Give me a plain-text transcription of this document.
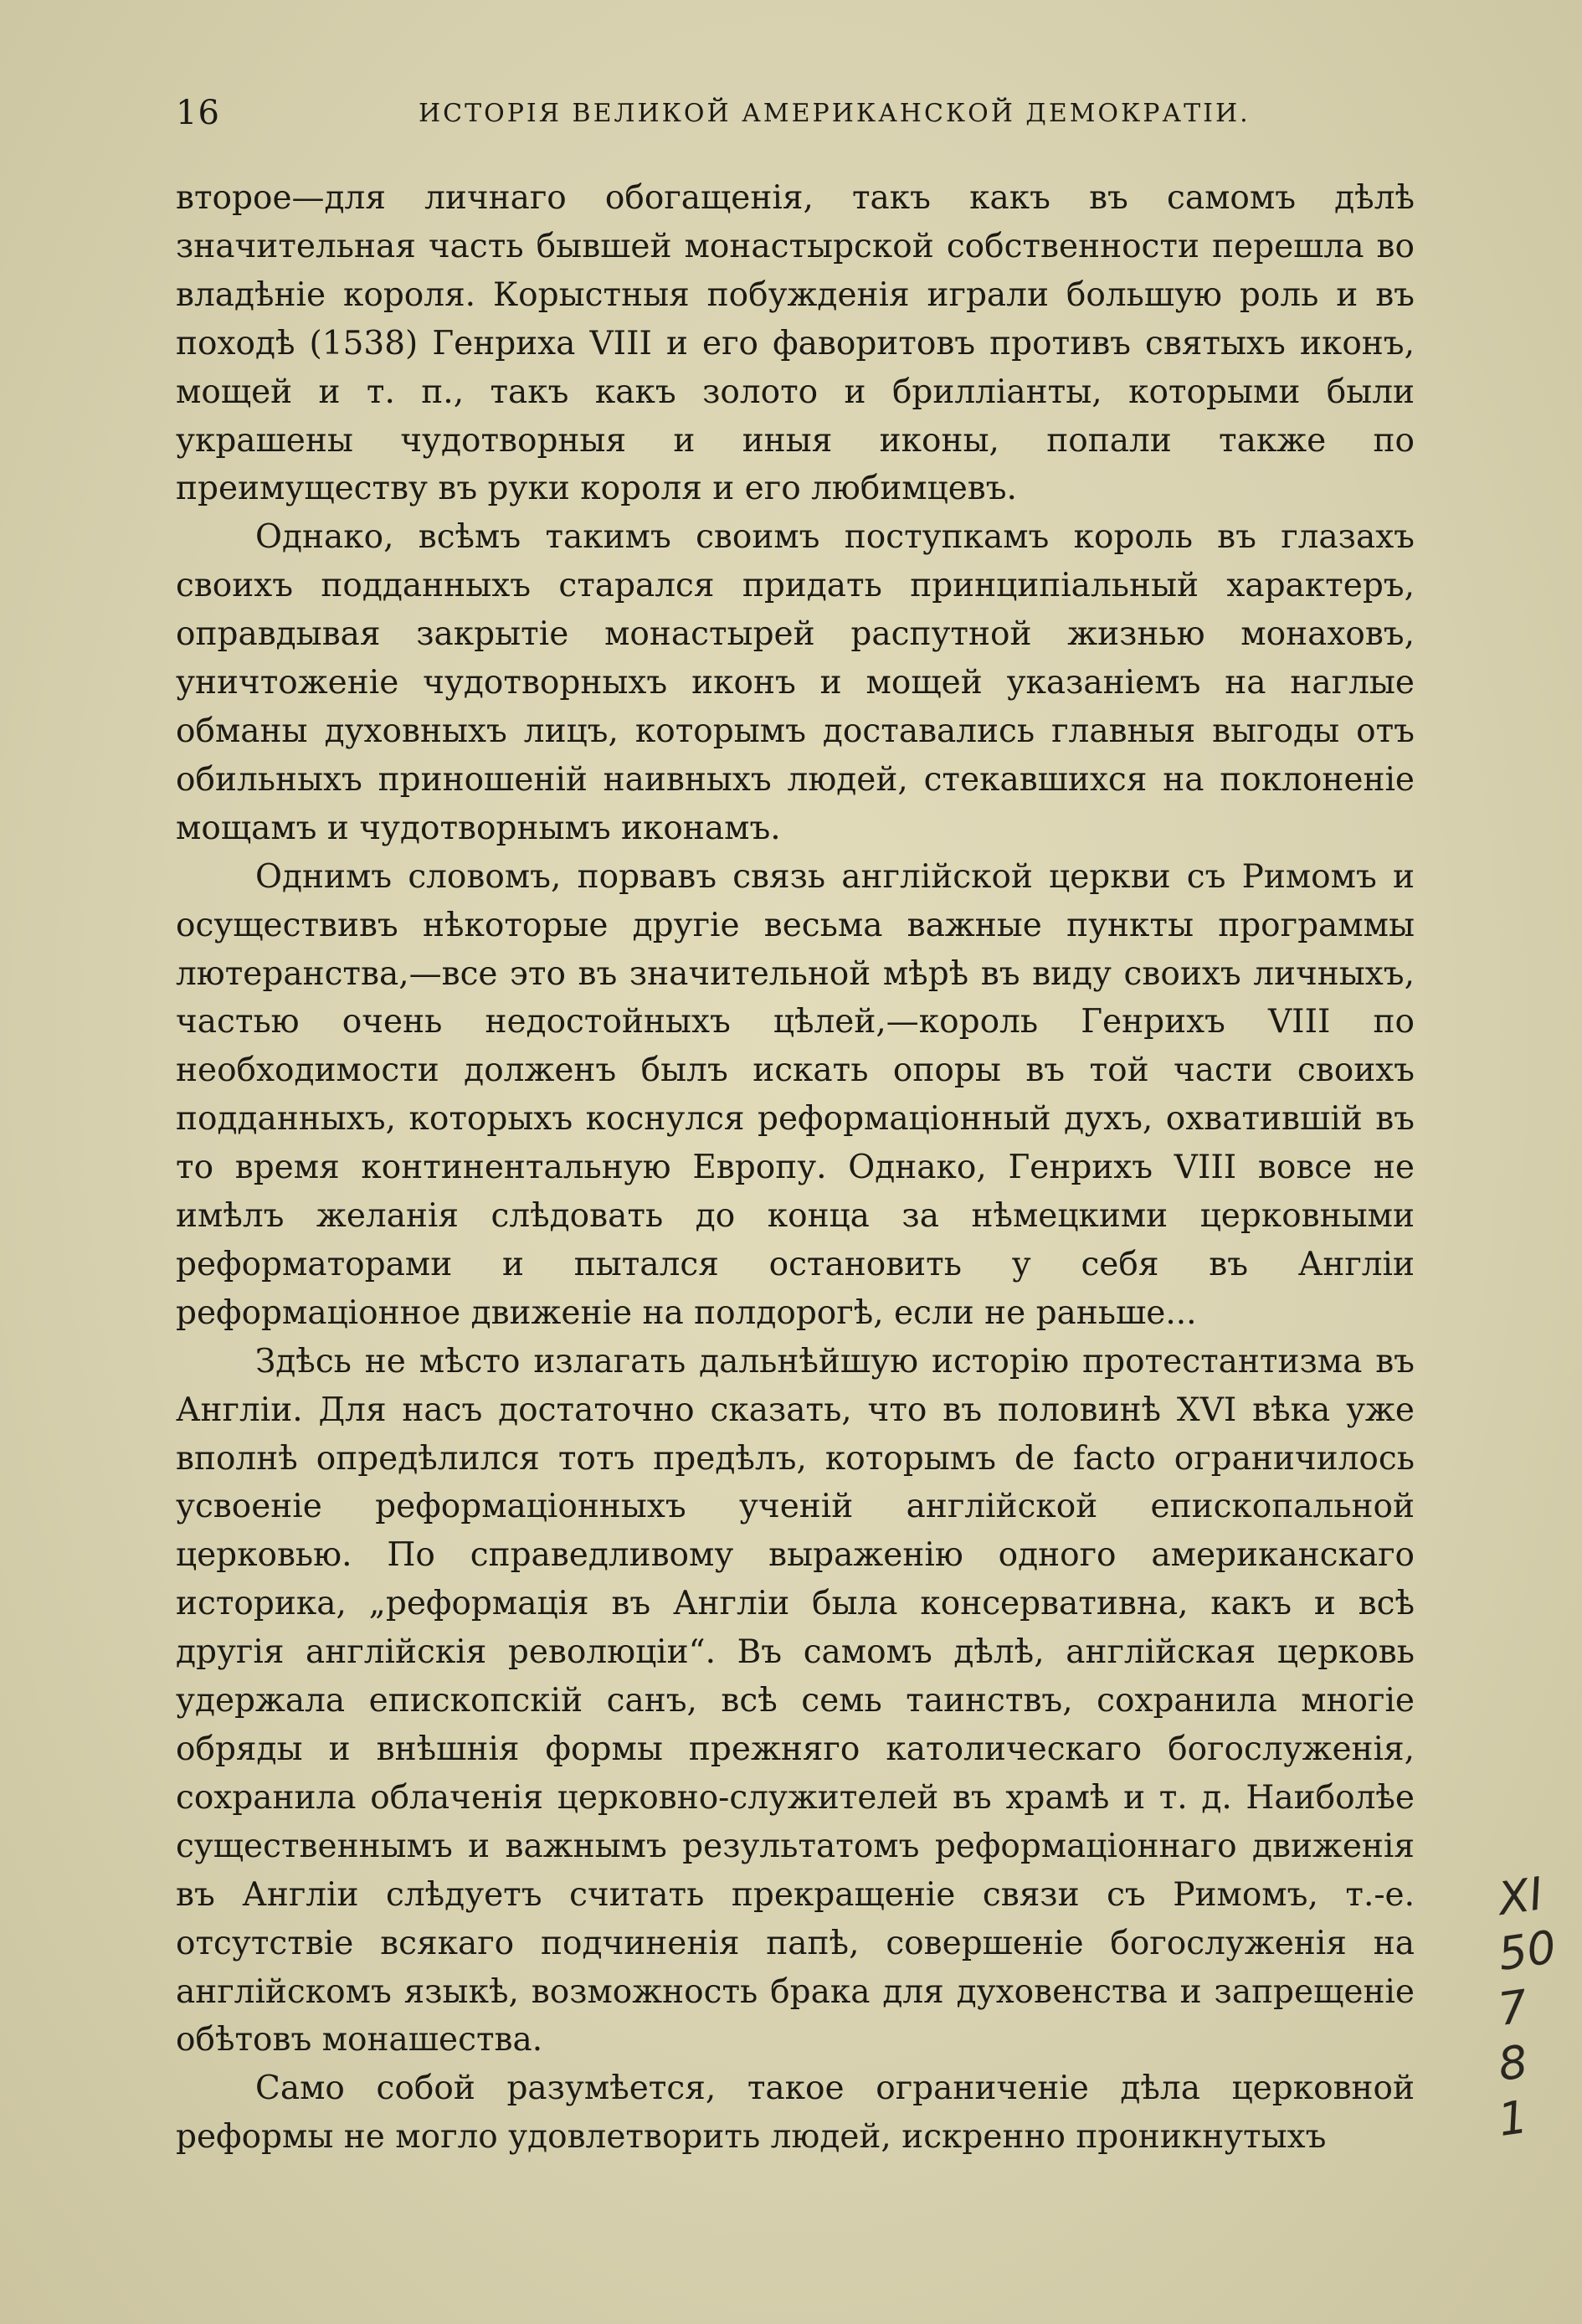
16	ИСТОРІЯ ВЕЛИКОЙ АМЕРИКАНСКОЙ ДЕМОКРАТІИ.

второе—для личнаго обогащенія, такъ какъ въ самомъ дѣлѣ значительная часть бывшей монастырской собственности перешла во владѣніе короля. Корыстныя побужденія играли большую роль и въ походѣ (1538) Генриха VIII и его фаворитовъ противъ святыхъ иконъ, мощей и т. п., такъ какъ золото и брилліанты, которыми были украшены чудотворныя и иныя иконы, попали также по преимуществу въ руки короля и его любимцевъ.

Однако, всѣмъ такимъ своимъ поступкамъ король въ глазахъ своихъ подданныхъ старался придать принципіальный характеръ, оправдывая закрытіе монастырей распутной жизнью монаховъ, уничтоженіе чудотворныхъ иконъ и мощей указаніемъ на наглые обманы духовныхъ лицъ, которымъ доставались главныя выгоды отъ обильныхъ приношеній наивныхъ людей, стекавшихся на поклоненіе мощамъ и чудотворнымъ иконамъ.

Однимъ словомъ, порвавъ связь англійской церкви съ Римомъ и осуществивъ нѣкоторые другіе весьма важные пункты программы лютеранства,—все это въ значительной мѣрѣ въ виду своихъ личныхъ, частью очень недостойныхъ цѣлей,—король Генрихъ VIII по необходимости долженъ былъ искать опоры въ той части своихъ подданныхъ, которыхъ коснулся реформаціонный духъ, охватившій въ то время континентальную Европу. Однако, Генрихъ VIII вовсе не имѣлъ желанія слѣдовать до конца за нѣмецкими церковными реформаторами и пытался остановить у себя въ Англіи реформаціонное движеніе на полдорогѣ, если не раньше...

Здѣсь не мѣсто излагать дальнѣйшую исторію протестантизма въ Англіи. Для насъ достаточно сказать, что въ половинѣ XVI вѣка уже вполнѣ опредѣлился тотъ предѣлъ, которымъ de facto ограничилось усвоеніе реформаціонныхъ ученій англійской епископальной церковью. По справедливому выраженію одного американскаго историка, „реформація въ Англіи была консервативна, какъ и всѣ другія англійскія революціи“. Въ самомъ дѣлѣ, англійская церковь удержала епископскій санъ, всѣ семь таинствъ, сохранила многіе обряды и внѣшнія формы прежняго католическаго богослуженія, сохранила облаченія церковно-служителей въ храмѣ и т. д. Наиболѣе существеннымъ и важнымъ результатомъ реформаціоннаго движенія въ Англіи слѣдуетъ считать прекращеніе связи съ Римомъ, т.-е. отсутствіе всякаго подчиненія папѣ, совершеніе богослуженія на англійскомъ языкѣ, возможность брака для духовенства и запрещеніе обѣтовъ монашества.

Само собой разумѣется, такое ограниченіе дѣла церковной реформы не могло удовлетворить людей, искренно проникнутыхъ

XI
50
7
8
1
